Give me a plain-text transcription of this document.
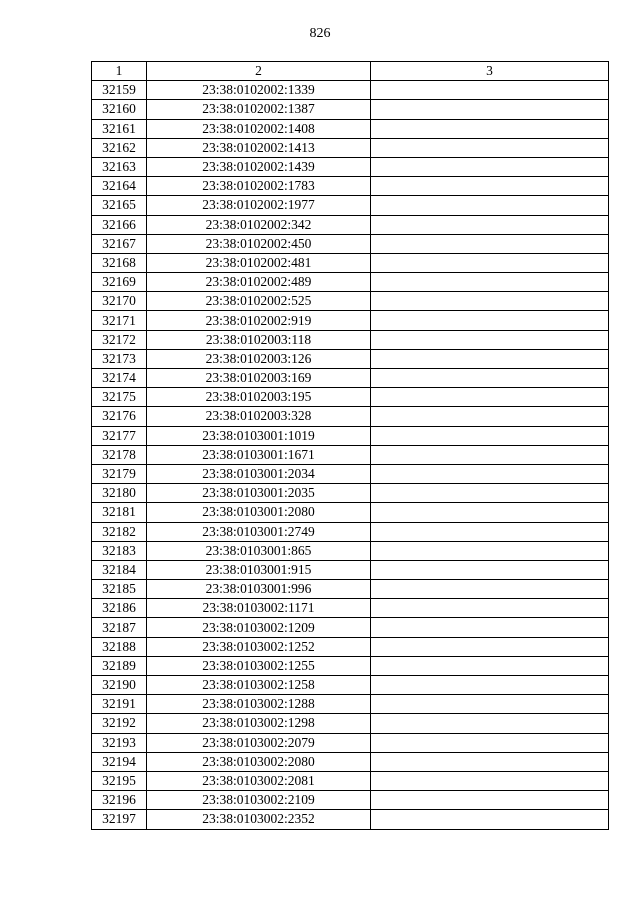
826
1	2	3
32159	23:38:0102002:1339	
32160	23:38:0102002:1387	
32161	23:38:0102002:1408	
32162	23:38:0102002:1413	
32163	23:38:0102002:1439	
32164	23:38:0102002:1783	
32165	23:38:0102002:1977	
32166	23:38:0102002:342	
32167	23:38:0102002:450	
32168	23:38:0102002:481	
32169	23:38:0102002:489	
32170	23:38:0102002:525	
32171	23:38:0102002:919	
32172	23:38:0102003:118	
32173	23:38:0102003:126	
32174	23:38:0102003:169	
32175	23:38:0102003:195	
32176	23:38:0102003:328	
32177	23:38:0103001:1019	
32178	23:38:0103001:1671	
32179	23:38:0103001:2034	
32180	23:38:0103001:2035	
32181	23:38:0103001:2080	
32182	23:38:0103001:2749	
32183	23:38:0103001:865	
32184	23:38:0103001:915	
32185	23:38:0103001:996	
32186	23:38:0103002:1171	
32187	23:38:0103002:1209	
32188	23:38:0103002:1252	
32189	23:38:0103002:1255	
32190	23:38:0103002:1258	
32191	23:38:0103002:1288	
32192	23:38:0103002:1298	
32193	23:38:0103002:2079	
32194	23:38:0103002:2080	
32195	23:38:0103002:2081	
32196	23:38:0103002:2109	
32197	23:38:0103002:2352	
